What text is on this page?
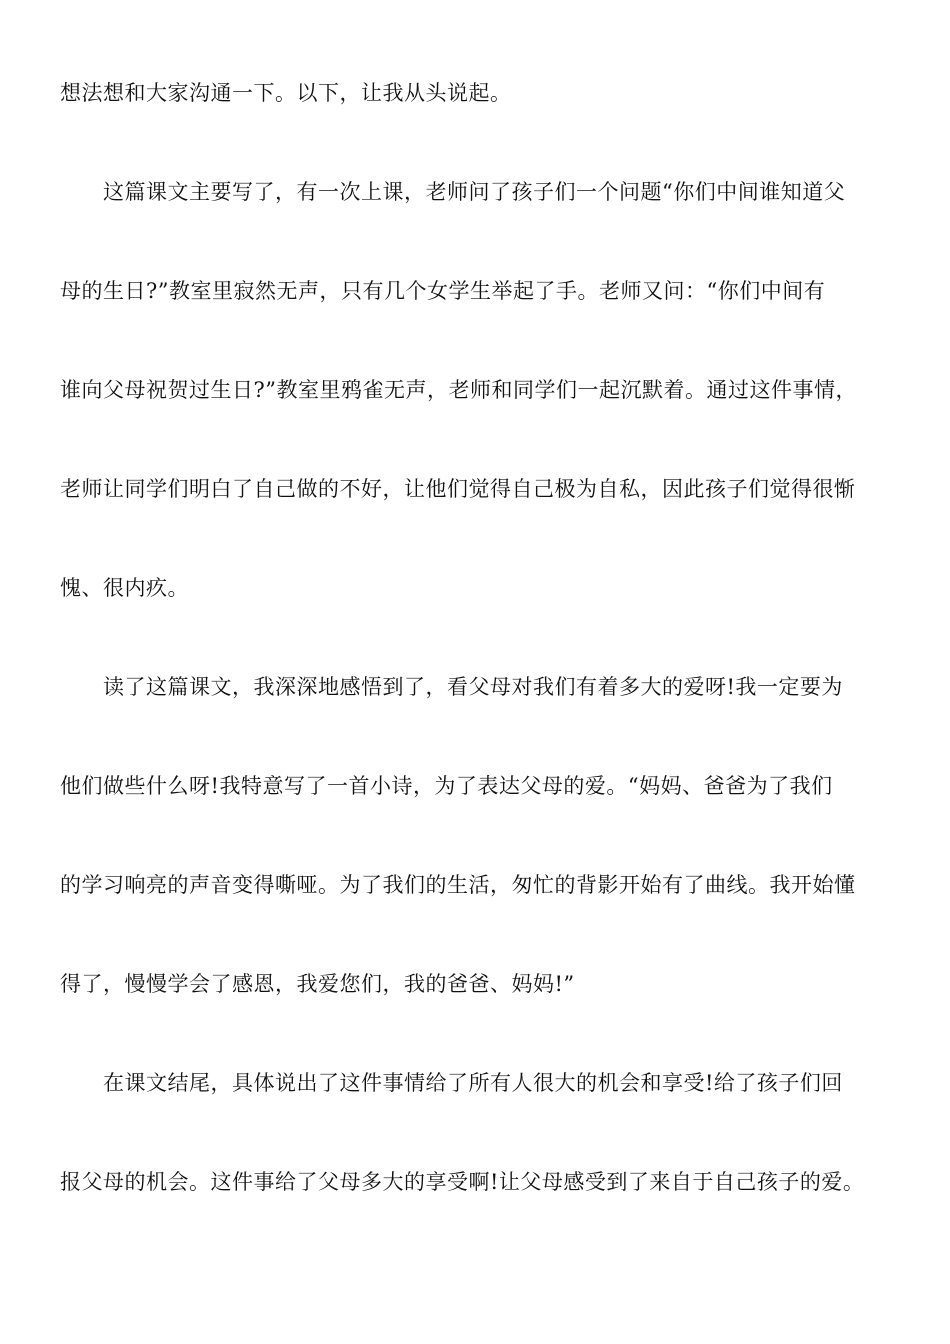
想法想和大家沟通一下。以下，让我从头说起。
这篇课文主要写了，有一次上课，老师问了孩子们一个问题“你们中间谁知道父
母的生日?”教室里寂然无声，只有几个女学生举起了手。老师又问：“你们中间有
谁向父母祝贺过生日?”教室里鸦雀无声，老师和同学们一起沉默着。通过这件事情，
老师让同学们明白了自己做的不好，让他们觉得自己极为自私，因此孩子们觉得很惭
愧、很内疚。
读了这篇课文，我深深地感悟到了，看父母对我们有着多大的爱呀!我一定要为
他们做些什么呀!我特意写了一首小诗，为了表达父母的爱。“妈妈、爸爸为了我们
的学习响亮的声音变得嘶哑。为了我们的生活，匆忙的背影开始有了曲线。我开始懂
得了，慢慢学会了感恩，我爱您们，我的爸爸、妈妈!”
在课文结尾，具体说出了这件事情给了所有人很大的机会和享受!给了孩子们回
报父母的机会。这件事给了父母多大的享受啊!让父母感受到了来自于自己孩子的爱。
